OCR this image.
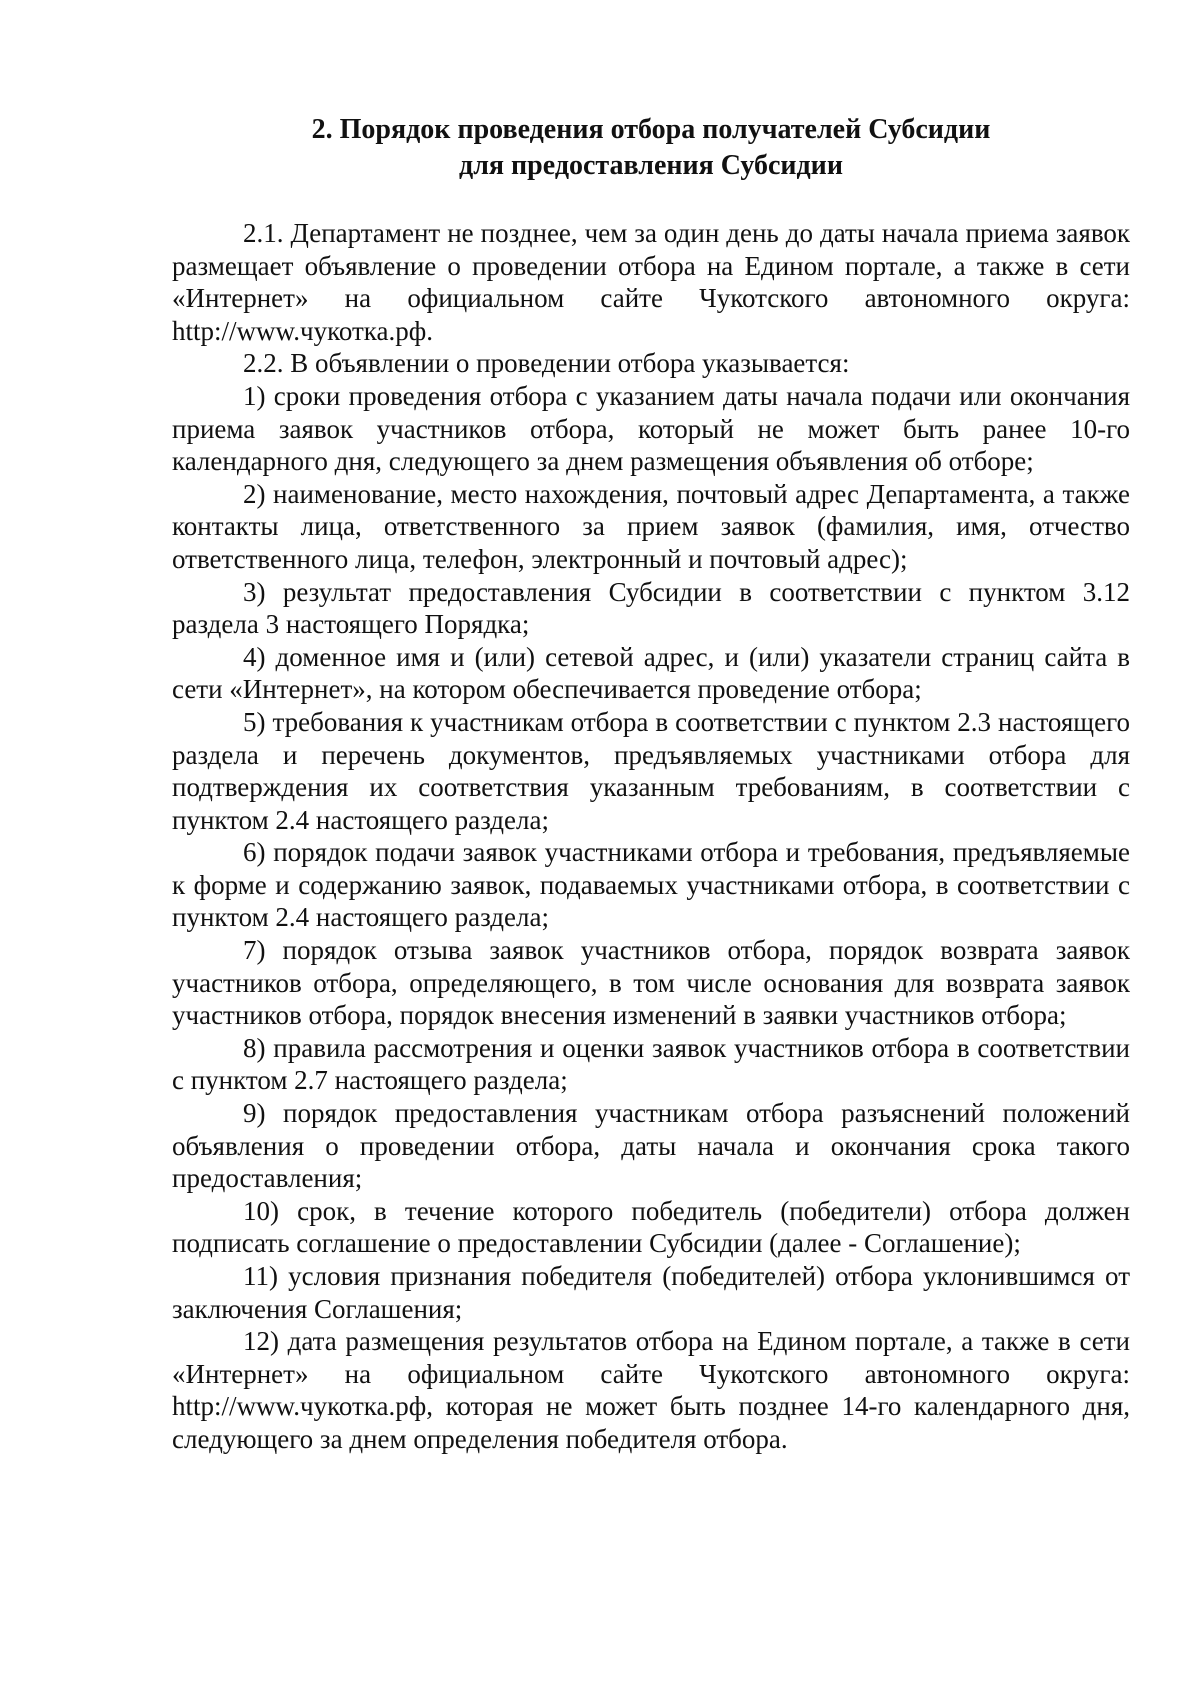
2. Порядок проведения отбора получателей Субсидии
для предоставления Субсидии

2.1. Департамент не позднее, чем за один день до даты начала приема заявок размещает объявление о проведении отбора на Едином портале, а также в сети «Интернет» на официальном сайте Чукотского автономного округа: http://www.чукотка.рф.

2.2. В объявлении о проведении отбора указывается:

1) сроки проведения отбора с указанием даты начала подачи или окончания приема заявок участников отбора, который не может быть ранее 10-го календарного дня, следующего за днем размещения объявления об отборе;

2) наименование, место нахождения, почтовый адрес Департамента, а также контакты лица, ответственного за прием заявок (фамилия, имя, отчество ответственного лица, телефон, электронный и почтовый адрес);

3) результат предоставления Субсидии в соответствии с пунктом 3.12 раздела 3 настоящего Порядка;

4) доменное имя и (или) сетевой адрес, и (или) указатели страниц сайта в сети «Интернет», на котором обеспечивается проведение отбора;

5) требования к участникам отбора в соответствии с пунктом 2.3 настоящего раздела и перечень документов, предъявляемых участниками отбора для подтверждения их соответствия указанным требованиям, в соответствии с пунктом 2.4 настоящего раздела;

6) порядок подачи заявок участниками отбора и требования, предъявляемые к форме и содержанию заявок, подаваемых участниками отбора, в соответствии с пунктом 2.4 настоящего раздела;

7) порядок отзыва заявок участников отбора, порядок возврата заявок участников отбора, определяющего, в том числе основания для возврата заявок участников отбора, порядок внесения изменений в заявки участников отбора;

8) правила рассмотрения и оценки заявок участников отбора в соответствии с пунктом 2.7 настоящего раздела;

9) порядок предоставления участникам отбора разъяснений положений объявления о проведении отбора, даты начала и окончания срока такого предоставления;

10) срок, в течение которого победитель (победители) отбора должен подписать соглашение о предоставлении Субсидии (далее - Соглашение);

11) условия признания победителя (победителей) отбора уклонившимся от заключения Соглашения;

12) дата размещения результатов отбора на Едином портале, а также в сети «Интернет» на официальном сайте Чукотского автономного округа: http://www.чукотка.рф, которая не может быть позднее 14-го календарного дня, следующего за днем определения победителя отбора.
